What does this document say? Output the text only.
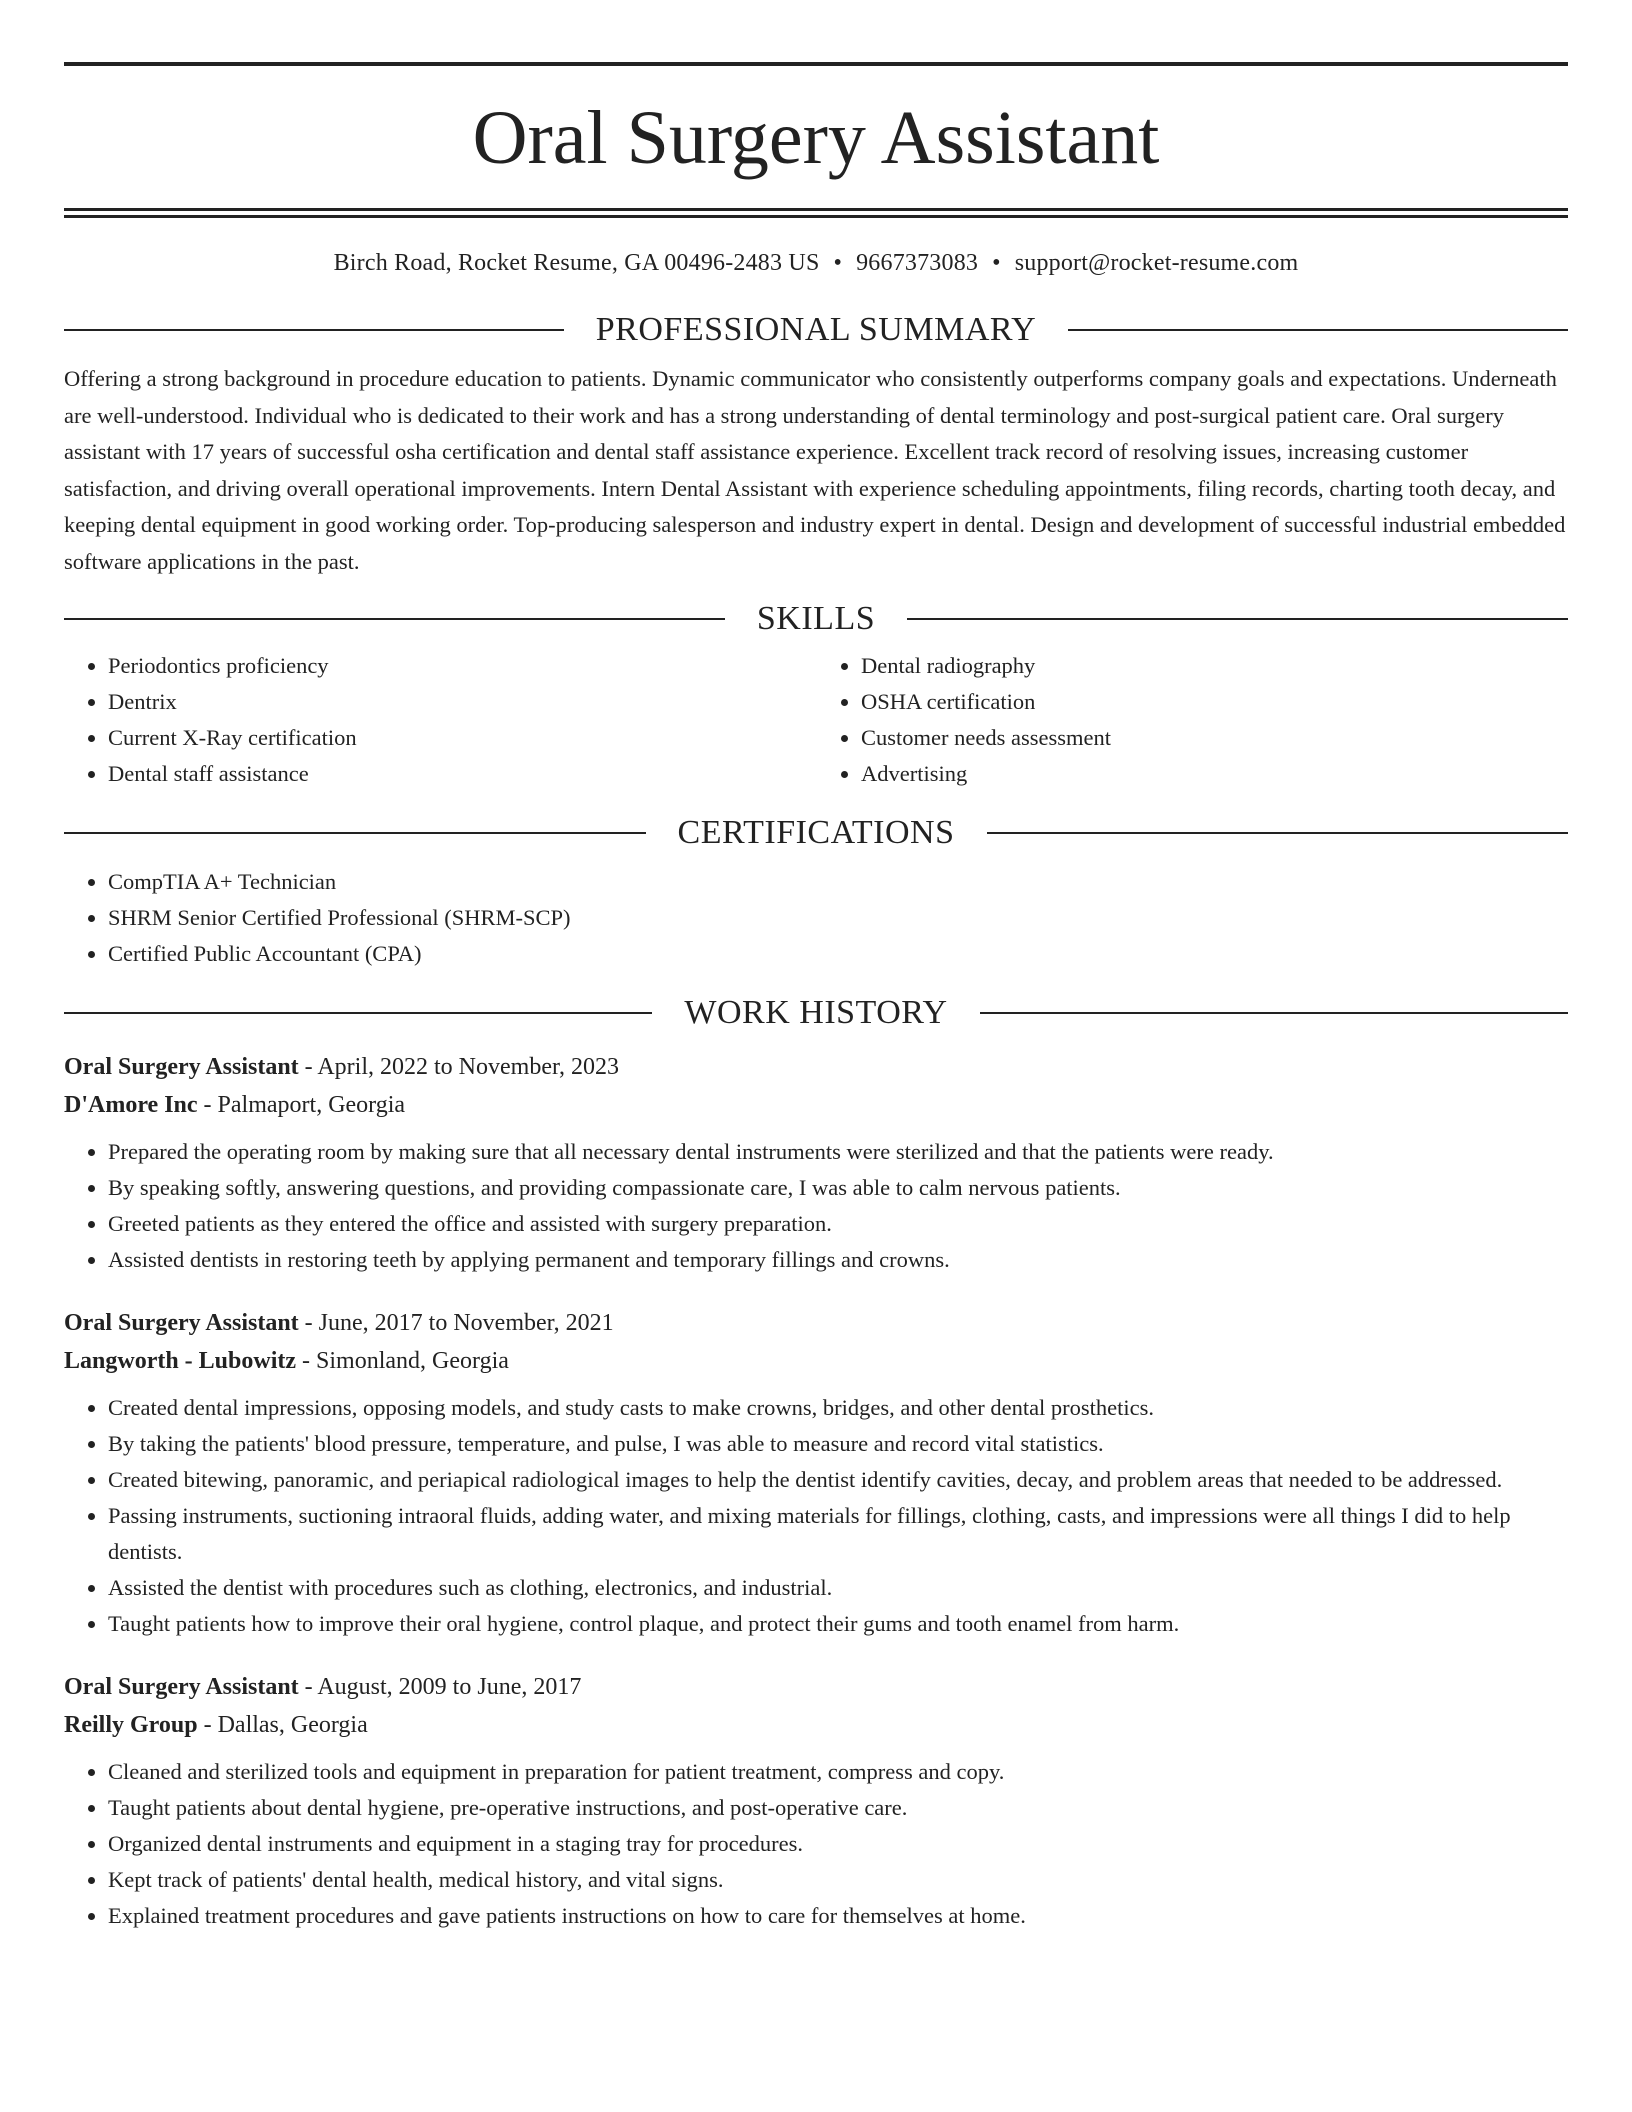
Oral Surgery Assistant
Birch Road, Rocket Resume, GA 00496-2483 US • 9667373083 • support@rocket-resume.com
PROFESSIONAL SUMMARY

Offering a strong background in procedure education to patients. Dynamic communicator who consistently outperforms company goals and expectations. Underneath are well-understood. Individual who is dedicated to their work and has a strong understanding of dental terminology and post-surgical patient care. Oral surgery assistant with 17 years of successful osha certification and dental staff assistance experience. Excellent track record of resolving issues, increasing customer satisfaction, and driving overall operational improvements. Intern Dental Assistant with experience scheduling appointments, filing records, charting tooth decay, and keeping dental equipment in good working order. Top-producing salesperson and industry expert in dental. Design and development of successful industrial embedded software applications in the past.

SKILLS
• Periodontics proficiency
• Dentrix
• Current X-Ray certification
• Dental staff assistance
• Dental radiography
• OSHA certification
• Customer needs assessment
• Advertising
CERTIFICATIONS
• CompTIA A+ Technician
• SHRM Senior Certified Professional (SHRM-SCP)
• Certified Public Accountant (CPA)
WORK HISTORY
Oral Surgery Assistant - April, 2022 to November, 2023
D'Amore Inc - Palmaport, Georgia
• Prepared the operating room by making sure that all necessary dental instruments were sterilized and that the patients were ready.
• By speaking softly, answering questions, and providing compassionate care, I was able to calm nervous patients.
• Greeted patients as they entered the office and assisted with surgery preparation.
• Assisted dentists in restoring teeth by applying permanent and temporary fillings and crowns.
Oral Surgery Assistant - June, 2017 to November, 2021
Langworth - Lubowitz - Simonland, Georgia
• Created dental impressions, opposing models, and study casts to make crowns, bridges, and other dental prosthetics.
• By taking the patients' blood pressure, temperature, and pulse, I was able to measure and record vital statistics.
• Created bitewing, panoramic, and periapical radiological images to help the dentist identify cavities, decay, and problem areas that needed to be addressed.
• Passing instruments, suctioning intraoral fluids, adding water, and mixing materials for fillings, clothing, casts, and impressions were all things I did to help dentists.
• Assisted the dentist with procedures such as clothing, electronics, and industrial.
• Taught patients how to improve their oral hygiene, control plaque, and protect their gums and tooth enamel from harm.
Oral Surgery Assistant - August, 2009 to June, 2017
Reilly Group - Dallas, Georgia
• Cleaned and sterilized tools and equipment in preparation for patient treatment, compress and copy.
• Taught patients about dental hygiene, pre-operative instructions, and post-operative care.
• Organized dental instruments and equipment in a staging tray for procedures.
• Kept track of patients' dental health, medical history, and vital signs.
• Explained treatment procedures and gave patients instructions on how to care for themselves at home.
